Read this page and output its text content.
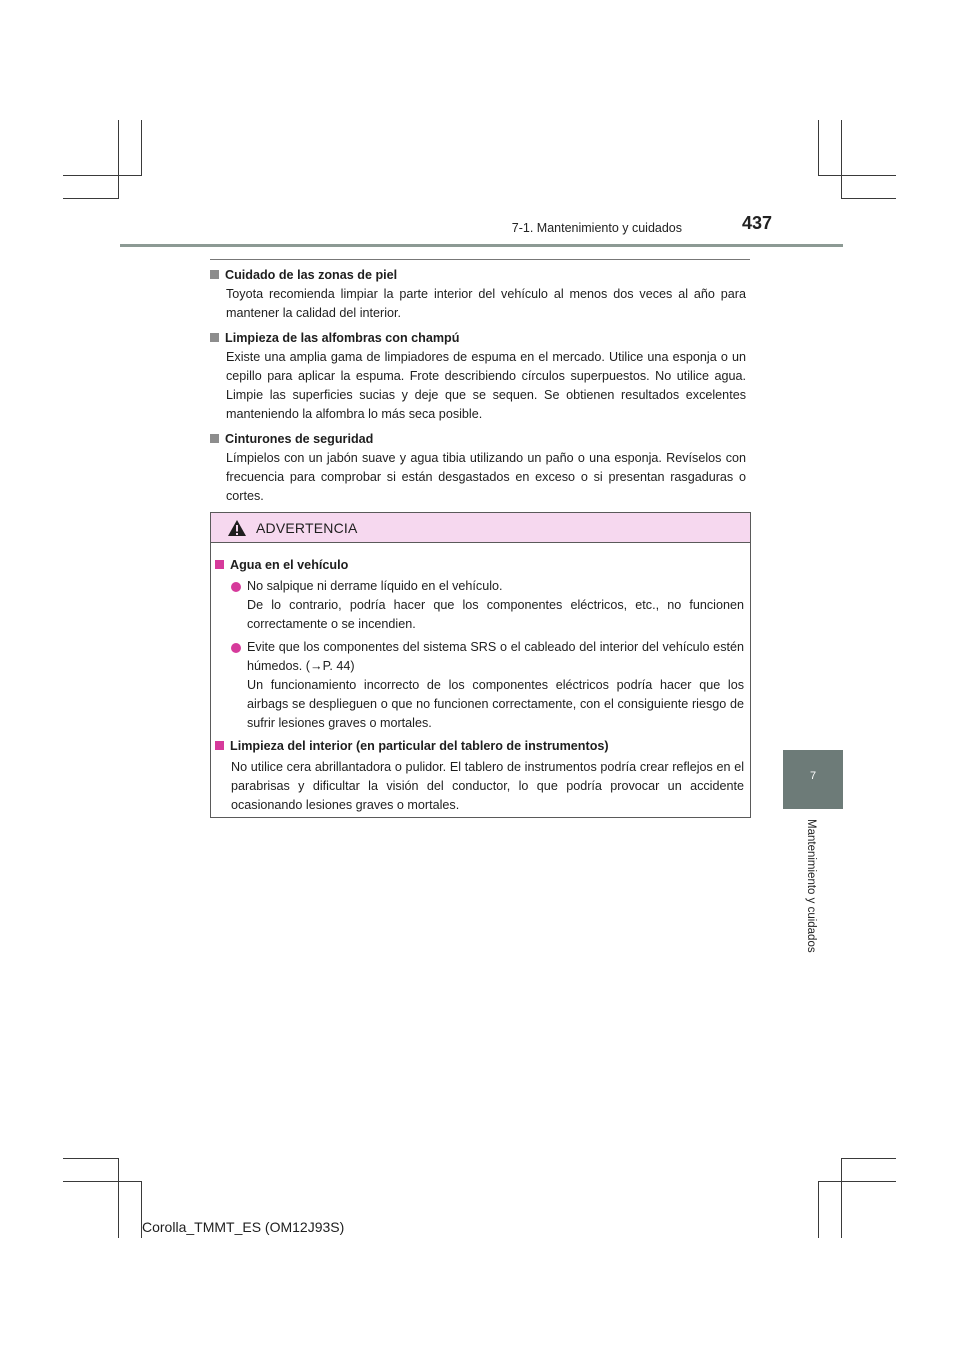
7-1. Mantenimiento y cuidados	437
Cuidado de las zonas de piel
Toyota recomienda limpiar la parte interior del vehículo al menos dos veces al año para mantener la calidad del interior.
Limpieza de las alfombras con champú
Existe una amplia gama de limpiadores de espuma en el mercado. Utilice una esponja o un cepillo para aplicar la espuma. Frote describiendo círculos superpuestos. No utilice agua. Limpie las superficies sucias y deje que se sequen. Se obtienen resultados excelentes manteniendo la alfombra lo más seca posible.
Cinturones de seguridad
Límpielos con un jabón suave y agua tibia utilizando un paño o una esponja. Revíselos con frecuencia para comprobar si están desgastados en exceso o si presentan rasgaduras o cortes.
ADVERTENCIA
Agua en el vehículo
No salpique ni derrame líquido en el vehículo.
De lo contrario, podría hacer que los componentes eléctricos, etc., no funcionen correctamente o se incendien.
Evite que los componentes del sistema SRS o el cableado del interior del vehículo estén húmedos. (→P. 44)
Un funcionamiento incorrecto de los componentes eléctricos podría hacer que los airbags se desplieguen o que no funcionen correctamente, con el consiguiente riesgo de sufrir lesiones graves o mortales.
Limpieza del interior (en particular del tablero de instrumentos)
No utilice cera abrillantadora o pulidor. El tablero de instrumentos podría crear reflejos en el parabrisas y dificultar la visión del conductor, lo que podría provocar un accidente ocasionando lesiones graves o mortales.
7
Mantenimiento y cuidados
Corolla_TMMT_ES (OM12J93S)
